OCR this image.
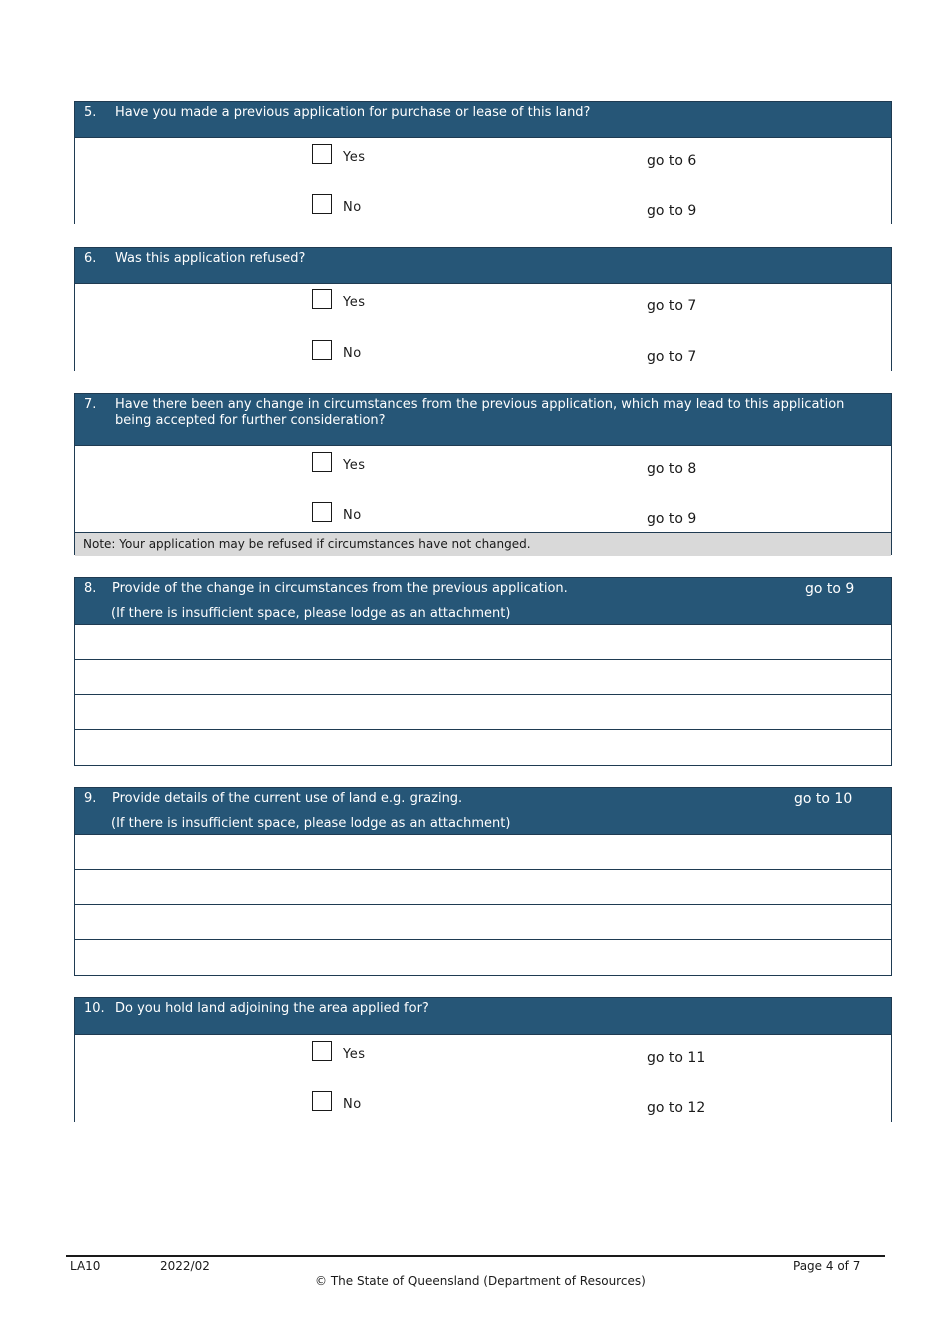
5. Have you made a previous application for purchase or lease of this land?
Yes	go to 6
No	go to 9
6. Was this application refused?
Yes	go to 7
No	go to 7
7. Have there been any change in circumstances from the previous application, which may lead to this application being accepted for further consideration?
Yes	go to 8
No	go to 9
Note: Your application may be refused if circumstances have not changed.
8. Provide of the change in circumstances from the previous application.	go to 9
(If there is insufficient space, please lodge as an attachment)
9. Provide details of the current use of land e.g. grazing.	go to 10
(If there is insufficient space, please lodge as an attachment)
10. Do you hold land adjoining the area applied for?
Yes	go to 11
No	go to 12
LA10	2022/02	Page 4 of 7
© The State of Queensland (Department of Resources)
